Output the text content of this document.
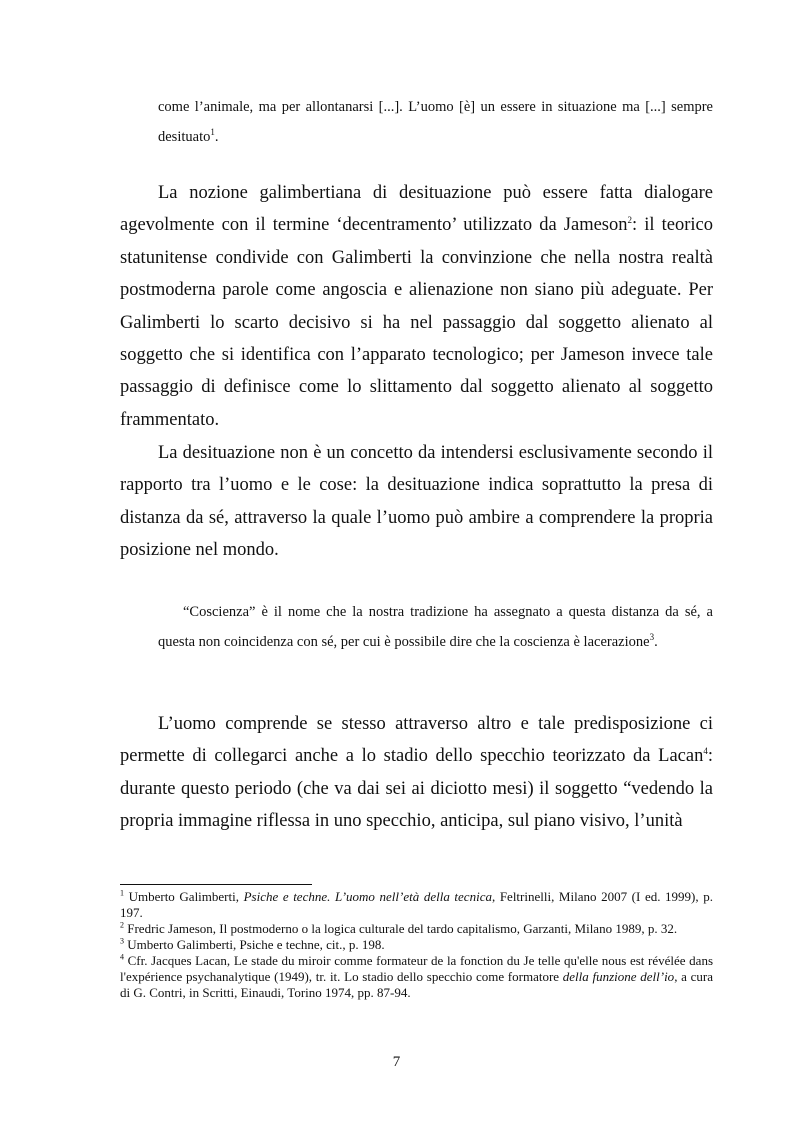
come l’animale, ma per allontanarsi [...]. L’uomo [è] un essere in situazione ma [...] sempre desituato$^1$.
La nozione galimbertiana di desituazione può essere fatta dialogare agevolmente con il termine ‘decentramento’ utilizzato da Jameson$^2$: il teorico statunitense condivide con Galimberti la convinzione che nella nostra realtà postmoderna parole come angoscia e alienazione non siano più adeguate. Per Galimberti lo scarto decisivo si ha nel passaggio dal soggetto alienato al soggetto che si identifica con l’apparato tecnologico; per Jameson invece tale passaggio di definisce come lo slittamento dal soggetto alienato al soggetto frammentato.
La desituazione non è un concetto da intendersi esclusivamente secondo il rapporto tra l’uomo e le cose: la desituazione indica soprattutto la presa di distanza da sé, attraverso la quale l’uomo può ambire a comprendere la propria posizione nel mondo.
“Coscienza” è il nome che la nostra tradizione ha assegnato a questa distanza da sé, a questa non coincidenza con sé, per cui è possibile dire che la coscienza è lacerazione$^3$.
L’uomo comprende se stesso attraverso altro e tale predisposizione ci permette di collegarci anche a lo stadio dello specchio teorizzato da Lacan$^4$: durante questo periodo (che va dai sei ai diciotto mesi) il soggetto “vedendo la propria immagine riflessa in uno specchio, anticipa, sul piano visivo, l’unità

$^1$ Umberto Galimberti, Psiche e techne. L’uomo nell’età della tecnica, Feltrinelli, Milano 2007 (I ed. 1999), p. 197.

$^2$ Fredric Jameson, Il postmoderno o la logica culturale del tardo capitalismo, Garzanti, Milano 1989, p. 32.

$^3$ Umberto Galimberti, Psiche e techne, cit., p. 198.

$^4$ Cfr. Jacques Lacan, Le stade du miroir comme formateur de la fonction du Je telle qu'elle nous est révélée dans l'expérience psychanalytique (1949), tr. it. Lo stadio dello specchio come formatore della funzione dell’io, a cura di G. Contri, in Scritti, Einaudi, Torino 1974, pp. 87-94.

7
